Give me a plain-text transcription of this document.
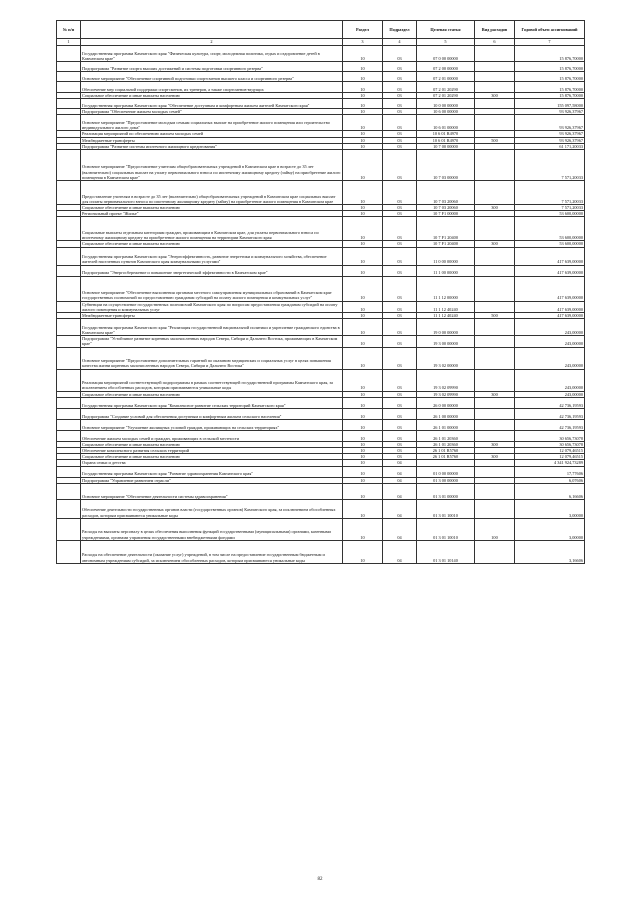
№ п/п		Раздел	Подраздел	Целевая статья	Вид расходов	Годовой объем ассигнований
1	2	3	4	5	6	7
	Государственная программа Камчатского края "Физическая культура, спорт, молодежная политика, отдых и оздоровление детей в Камчатском крае"	10	03	07 0 00 00000		15 876,70000
	Подпрограмма "Развитие спорта высших достижений и системы подготовки спортивного резерва"	10	03	07 2 00 00000		15 876,70000
	Основное мероприятие "Обеспечение спортивной подготовки спортсменов высшего класса и спортивного резерва"	10	03	07 2 01 00000		15 876,70000
	Обеспечение мер социальной поддержки спортсменов, их тренеров, а также спортсменов-ведущих	10	03	07 2 01 20290		15 876,70000
	Социальное обеспечение и иные выплаты населению	10	03	07 2 01 20290	300	15 876,70000
	Государственная программа Камчатского края "Обеспечение доступным и комфортным жильем жителей Камчатского края"	10	03	10 0 00 00000		155 097,58000
	Подпрограмма "Обеспечение жильем молодых семей"	10	03	10 6 00 00000		93 926,37967
	Основное мероприятие "Предоставление молодым семьям социальных выплат на приобретение жилого помещения или строительство индивидуального жилого дома"	10	03	10 6 01 00000		93 926,37967
	Реализация мероприятий по обеспечению жильем молодых семей	10	03	10 6 01 R4970		93 926,37967
	Межбюджетные трансферты	10	03	10 6 01 R4970	500	93 926,37967
	Подпрограмма "Развитие системы ипотечного жилищного кредитования"	10	03	10 7 00 00000		61 171,20033
	Основное мероприятие "Предоставление учителям общеобразовательных учреждений в Камчатском крае в возрасте до 35 лет (включительно) социальных выплат на уплату первоначального взноса по ипотечному жилищному кредиту (займу) на приобретение жилого помещения в Камчатском крае"	10	03	10 7 03 00000		7 571,20033
	Предоставление учителям в возрасте до 35 лет (включительно) общеобразовательных учреждений в Камчатском крае социальных выплат для оплаты первоначального взноса по ипотечному жилищному кредиту (займу) на приобретение жилого помещения в Камчатском крае	10	03	10 7 03 20060		7 571,20033
	Социальное обеспечение и иные выплаты населению	10	03	10 7 03 20060	300	7 571,20033
	Региональный проект "Жилье"	10	03	10 7 F1 00000		53 600,00000
	Социальные выплаты отдельным категориям граждан, проживающим в Камчатском крае, для уплаты первоначального взноса по ипотечному жилищному кредиту на приобретение жилого помещения на территории Камчатского края	10	03	10 7 F1 20400		53 600,00000
	Социальное обеспечение и иные выплаты населению	10	03	10 7 F1 20400	300	53 600,00000
	Государственная программа Камчатского края "Энергоэффективность, развитие энергетики и коммунального хозяйства, обеспечение жителей населенных пунктов Камчатского края коммунальными услугами"	10	03	11 0 00 00000		417 639,00000
	Подпрограмма "Энергосбережение и повышение энергетической эффективности в Камчатском крае"	10	03	11 1 00 00000		417 639,00000
	Основное мероприятие "Обеспечение выполнения органами местного самоуправления муниципальных образований в Камчатском крае государственных полномочий по предоставлению гражданам субсидий на оплату жилого помещения и коммунальных услуг"	10	03	11 1 12 00000		417 639,00000
	Субвенции на осуществление государственных полномочий Камчатского края по вопросам предоставления гражданам субсидий на оплату жилого помещения и коммунальных услуг	10	03	11 1 12 40240		417 639,00000
	Межбюджетные трансферты	10	03	11 1 12 40240	500	417 639,00000
	Государственная программа Камчатского края "Реализация государственной национальной политики и укрепление гражданского единства в Камчатском крае"	10	03	19 0 00 00000		243,00000
	Подпрограмма "Устойчивое развитие коренных малочисленных народов Севера, Сибири и Дальнего Востока, проживающих в Камчатском крае"	10	03	19 3 00 00000		243,00000
	Основное мероприятие "Предоставление дополнительных гарантий по оказанию медицинских и социальных услуг в целях повышения качества жизни коренных малочисленных народов Севера, Сибири и Дальнего Востока"	10	03	19 3 02 00000		243,00000
	Реализация мероприятий соответствующей подпрограммы в рамках соответствующей государственной программы Камчатского края, за исключением обособленных расходов, которым присваиваются уникальные коды	10	03	19 3 02 09990		243,00000
	Социальное обеспечение и иные выплаты населению	10	03	19 3 02 09990	300	243,00000
	Государственная программа Камчатского края "Комплексное развитие сельских территорий Камчатского края"	10	03	26 0 00 00000		42 736,19593
	Подпрограмма "Создание условий для обеспечения доступным и комфортным жильем сельского населения"	10	03	26 1 00 00000		42 736,19593
	Основное мероприятие "Улучшение жилищных условий граждан, проживающих на сельских территориях"	10	03	26 1 01 00000		42 736,19593
	Обеспечение жильем молодых семей и граждан, проживающих в сельской местности	10	03	26 1 01 20360		30 656,73078
	Социальное обеспечение и иные выплаты населению	10	03	26 1 01 20360	300	30 656,73078
	Обеспечение комплексного развития сельских территорий	10	03	26 1 01 R5760		12 079,46515
	Социальное обеспечение и иные выплаты населению	10	03	26 1 01 R5760	300	12 079,46515
	Охрана семьи и детства	10	04			4 341 924,73289
	Государственная программа Камчатского края "Развитие здравоохранения Камчатского края"	10	04	01 0 00 00000		17,77606
	Подпрограмма "Управление развитием отрасли"	10	04	01 3 00 00000		6,07606
	Основное мероприятие "Обеспечение деятельности системы здравоохранения"	10	04	01 3 01 00000		6,16606
	Обеспечение деятельности государственных органов власти (государственных органов) Камчатского края, за исключением обособленных расходов, которым присваиваются уникальные коды	10	04	01 3 01 10010		3,00000
	Расходы на выплаты персоналу в целях обеспечения выполнения функций государственными (муниципальными) органами, казенными учреждениями, органами управления государственными внебюджетными фондами	10	04	01 3 01 10010	100	3,00000
	Расходы на обеспечение деятельности (оказание услуг) учреждений, в том числе на предоставление государственным бюджетным и автономным учреждениям субсидий, за исключением обособленных расходов, которым присваиваются уникальные коды	10	04	01 3 01 10140		3,16606
82
